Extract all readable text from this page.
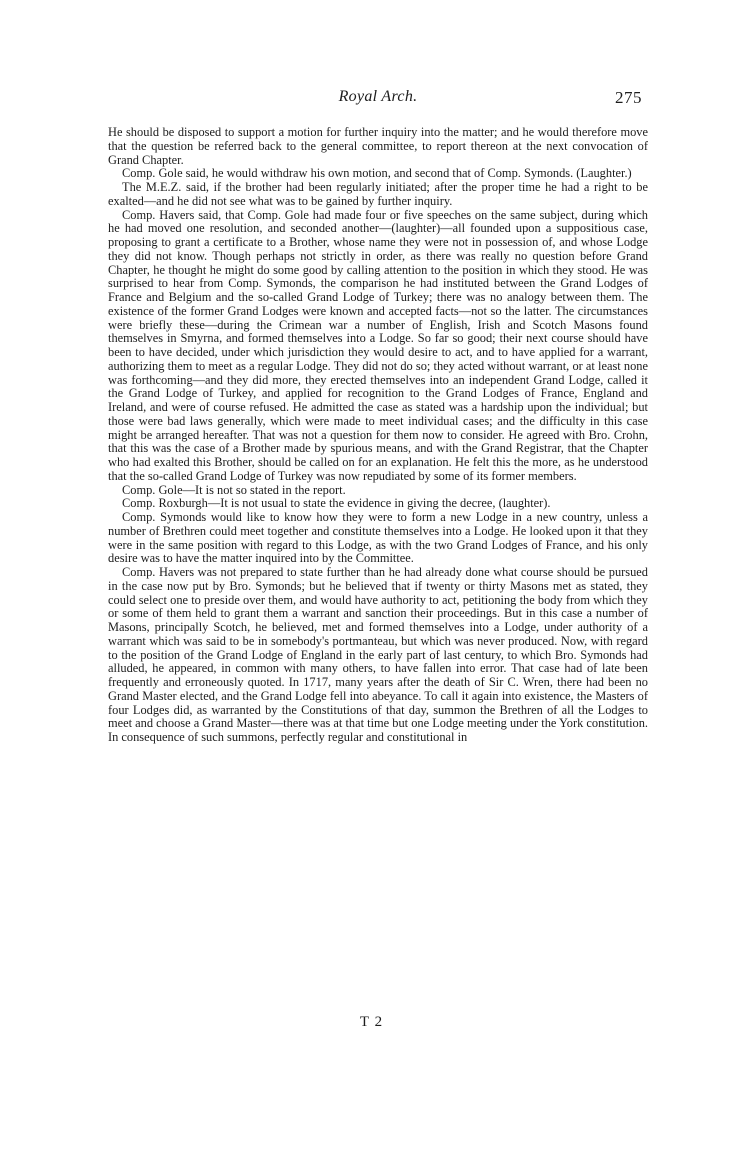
Royal Arch.	275

He should be disposed to support a motion for further inquiry into the matter; and he would therefore move that the question be referred back to the general committee, to report thereon at the next convocation of Grand Chapter.

Comp. Gole said, he would withdraw his own motion, and second that of Comp. Symonds. (Laughter.)

The M.E.Z. said, if the brother had been regularly initiated; after the proper time he had a right to be exalted—and he did not see what was to be gained by further inquiry.

Comp. Havers said, that Comp. Gole had made four or five speeches on the same subject, during which he had moved one resolution, and seconded another—(laughter)—all founded upon a suppositious case, proposing to grant a certificate to a Brother, whose name they were not in possession of, and whose Lodge they did not know. Though perhaps not strictly in order, as there was really no question before Grand Chapter, he thought he might do some good by calling attention to the position in which they stood. He was surprised to hear from Comp. Symonds, the comparison he had instituted between the Grand Lodges of France and Belgium and the so-called Grand Lodge of Turkey; there was no analogy between them. The existence of the former Grand Lodges were known and accepted facts—not so the latter. The circumstances were briefly these—during the Crimean war a number of English, Irish and Scotch Masons found themselves in Smyrna, and formed themselves into a Lodge. So far so good; their next course should have been to have decided, under which jurisdiction they would desire to act, and to have applied for a warrant, authorizing them to meet as a regular Lodge. They did not do so; they acted without warrant, or at least none was forthcoming—and they did more, they erected themselves into an independent Grand Lodge, called it the Grand Lodge of Turkey, and applied for recognition to the Grand Lodges of France, England and Ireland, and were of course refused. He admitted the case as stated was a hardship upon the individual; but those were bad laws generally, which were made to meet individual cases; and the difficulty in this case might be arranged hereafter. That was not a question for them now to consider. He agreed with Bro. Crohn, that this was the case of a Brother made by spurious means, and with the Grand Registrar, that the Chapter who had exalted this Brother, should be called on for an explanation. He felt this the more, as he understood that the so-called Grand Lodge of Turkey was now repudiated by some of its former members.

Comp. Gole—It is not so stated in the report.

Comp. Roxburgh—It is not usual to state the evidence in giving the decree, (laughter).

Comp. Symonds would like to know how they were to form a new Lodge in a new country, unless a number of Brethren could meet together and constitute themselves into a Lodge. He looked upon it that they were in the same position with regard to this Lodge, as with the two Grand Lodges of France, and his only desire was to have the matter inquired into by the Committee.

Comp. Havers was not prepared to state further than he had already done what course should be pursued in the case now put by Bro. Symonds; but he believed that if twenty or thirty Masons met as stated, they could select one to preside over them, and would have authority to act, petitioning the body from which they or some of them held to grant them a warrant and sanction their proceedings. But in this case a number of Masons, principally Scotch, he believed, met and formed themselves into a Lodge, under authority of a warrant which was said to be in somebody's portmanteau, but which was never produced. Now, with regard to the position of the Grand Lodge of England in the early part of last century, to which Bro. Symonds had alluded, he appeared, in common with many others, to have fallen into error. That case had of late been frequently and erroneously quoted. In 1717, many years after the death of Sir C. Wren, there had been no Grand Master elected, and the Grand Lodge fell into abeyance. To call it again into existence, the Masters of four Lodges did, as warranted by the Constitutions of that day, summon the Brethren of all the Lodges to meet and choose a Grand Master—there was at that time but one Lodge meeting under the York constitution. In consequence of such summons, perfectly regular and constitutional in

T 2
